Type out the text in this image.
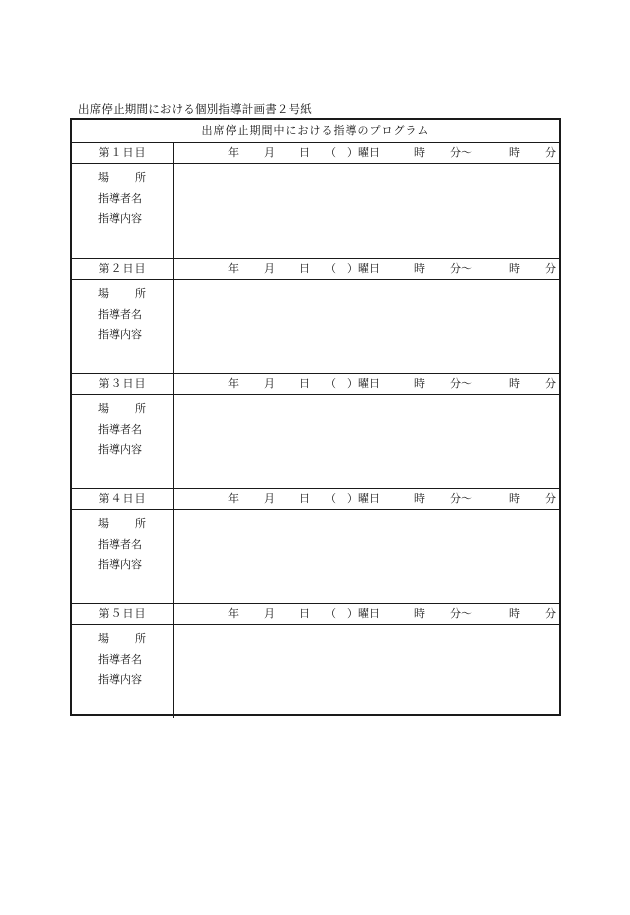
出席停止期間における個別指導計画書２号紙
出席停止期間中における指導のプログラム
第１日目	年 月 日 （　）曜日	時 分～	時 分
場 所
指導者名
指導内容
第２日目	年 月 日 （　）曜日	時 分～	時 分
場 所
指導者名
指導内容
第３日目	年 月 日 （　）曜日	時 分～	時 分
場 所
指導者名
指導内容
第４日目	年 月 日 （　）曜日	時 分～	時 分
場 所
指導者名
指導内容
第５日目	年 月 日 （　）曜日	時 分～	時 分
場 所
指導者名
指導内容
